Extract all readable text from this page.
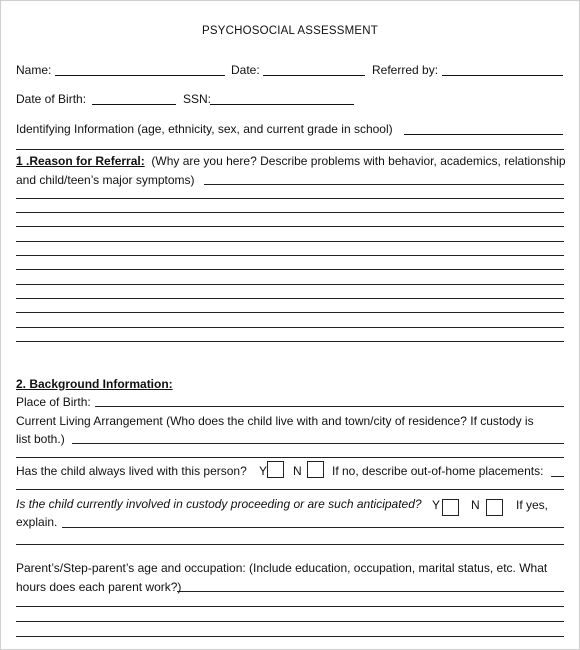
PSYCHOSOCIAL ASSESSMENT
Name:	Date:	Referred by:
Date of Birth:	SSN:
Identifying Information (age, ethnicity, sex, and current grade in school)
1 .Reason for Referral: (Why are you here? Describe problems with behavior, academics, relationship
and child/teen’s major symptoms)
2. Background Information:
Place of Birth:
Current Living Arrangement (Who does the child live with and town/city of residence? If custody is
list both.)
Has the child always lived with this person? Y N	If no, describe out-of-home placements:
Is the child currently involved in custody proceeding or are such anticipated? Y	N	If yes,
explain.
Parent’s/Step-parent’s age and occupation: (Include education, occupation, marital status, etc. What
hours does each parent work?)
